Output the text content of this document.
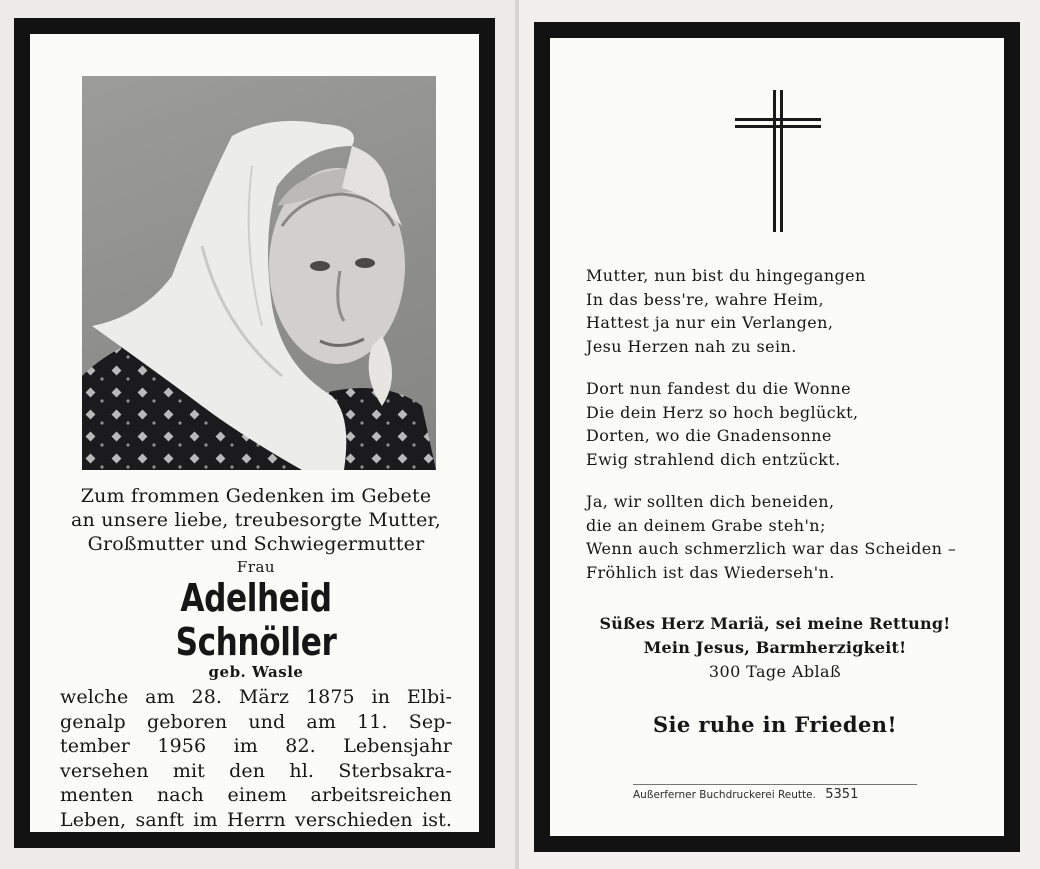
Zum frommen Gedenken im Gebete
an unsere liebe, treubesorgte Mutter,
Großmutter und Schwiegermutter

Frau
Adelheid Schnöller
geb. Wasle
welche am 28. März 1875 in Elbi-
genalp geboren und am 11. Sep-
tember 1956 im 82. Lebensjahr
versehen mit den hl. Sterbsakra-
menten nach einem arbeitsreichen
Leben, sanft im Herrn verschieden ist.

Mutter, nun bist du hingegangen
In das bess're, wahre Heim,
Hattest ja nur ein Verlangen,
Jesu Herzen nah zu sein.

Dort nun fandest du die Wonne
Die dein Herz so hoch beglückt,
Dorten, wo die Gnadensonne
Ewig strahlend dich entzückt.

Ja, wir sollten dich beneiden,
die an deinem Grabe steh'n;
Wenn auch schmerzlich war das Scheiden –
Fröhlich ist das Wiederseh'n.

Süßes Herz Mariä, sei meine Rettung!
Mein Jesus, Barmherzigkeit!
300 Tage Ablaß
Sie ruhe in Frieden!
Außerferner Buchdruckerei Reutte. 5351
